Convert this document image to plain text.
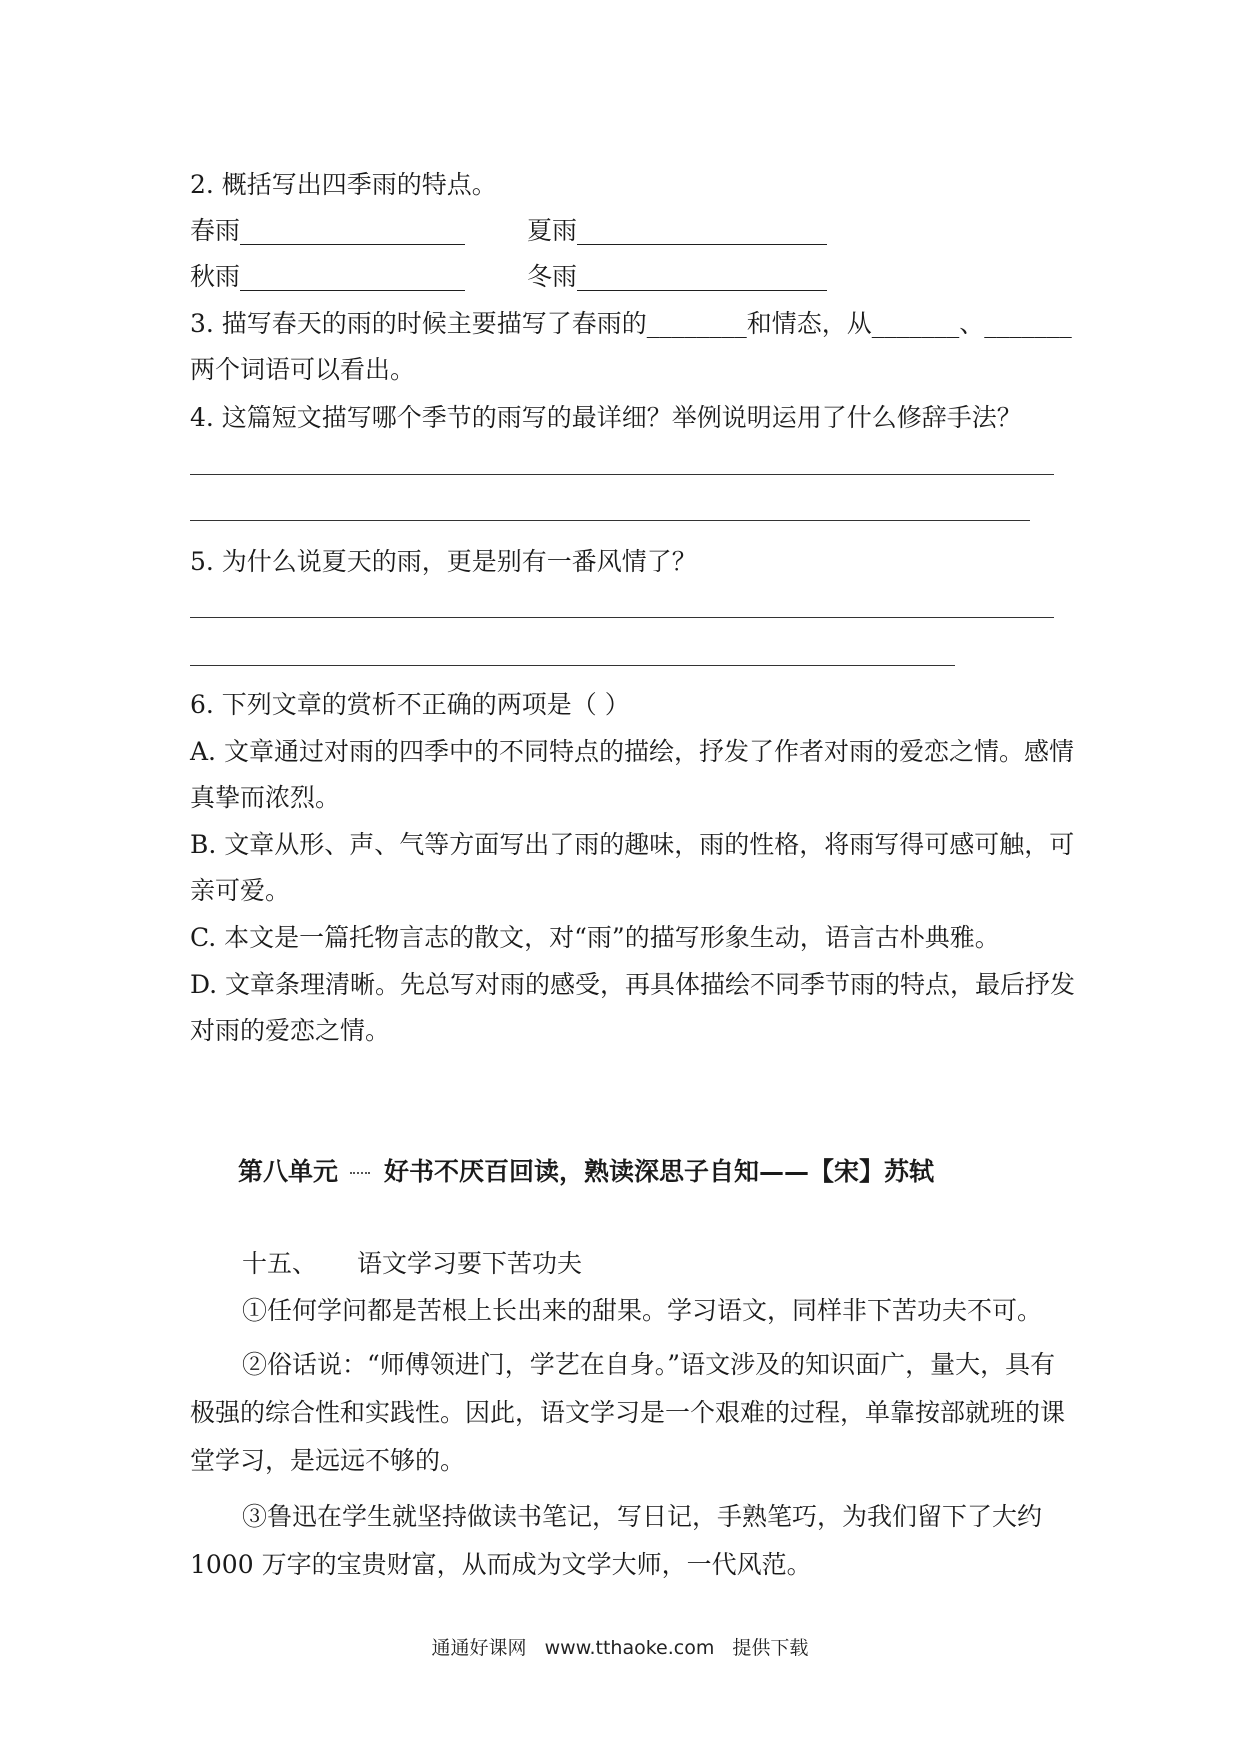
2. 概括写出四季雨的特点。
春雨__________________	夏雨____________________
秋雨__________________	冬雨____________________
3. 描写春天的雨的时候主要描写了春雨的________和情态，从_______、_______
两个词语可以看出。
4. 这篇短文描写哪个季节的雨写的最详细？举例说明运用了什么修辞手法？
5. 为什么说夏天的雨，更是别有一番风情了？
6. 下列文章的赏析不正确的两项是（ ）
A. 文章通过对雨的四季中的不同特点的描绘，抒发了作者对雨的爱恋之情。感情
真挚而浓烈。
B. 文章从形、声、气等方面写出了雨的趣味，雨的性格，将雨写得可感可触，可
亲可爱。
C. 本文是一篇托物言志的散文，对“雨”的描写形象生动，语言古朴典雅。
D. 文章条理清晰。先总写对雨的感受，再具体描绘不同季节雨的特点，最后抒发
对雨的爱恋之情。
第八单元 好书不厌百回读，熟读深思子自知——【宋】苏轼
十五、 语文学习要下苦功夫
①任何学问都是苦根上长出来的甜果。学习语文，同样非下苦功夫不可。
②俗话说：“师傅领进门，学艺在自身。”语文涉及的知识面广，量大，具有
极强的综合性和实践性。因此，语文学习是一个艰难的过程，单靠按部就班的课
堂学习，是远远不够的。
③鲁迅在学生就坚持做读书笔记，写日记，手熟笔巧，为我们留下了大约
1000 万字的宝贵财富，从而成为文学大师，一代风范。
通通好课网 www.tthaoke.com 提供下载
